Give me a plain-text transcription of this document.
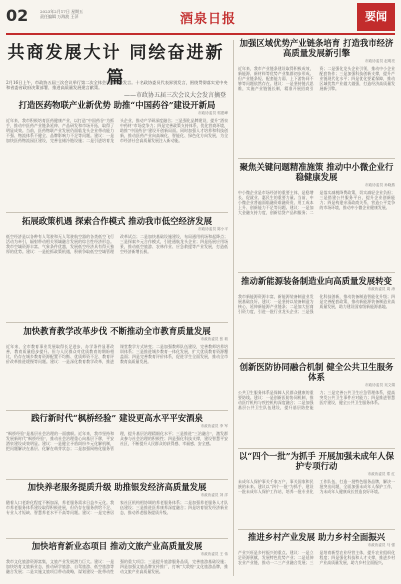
02	2023年2月17日 星期五
责任编辑 万海波 王萍	酒泉日报	要闻
共商发展大计 同绘奋进新篇
——市政协五届三次会议大会发言摘登
2月16日上午，市政协五届三次会议举行第二次全体会议暨大会发言。十名政协委员代表界别发言，围绕贯彻落实党中央和省委省政府决策部署、推进高质量发展建言献策。
打造医药物联产业新优势 助推“中国药谷”建设开新局
市政协委员 郭建峰
近年来，我市积极培育医药健康产业，以打造“中国药谷”为抓手，推动中医药产业链条延伸、产品研发和市场开拓，取得了明显成效。当前，医药物联产业发展仍面临龙头企业带动能力不强、物流体系不健全、品牌影响力不足等问题。建议：一是加快医药物流园区建设，完善仓储冷链设施；二是引进培育龙头企业，推动产学研深度融合；三是强化品牌建设，提升“酒泉中药材”市场竞争力；四是完善政策支持体系，优化营商环境，助推“中国药谷”建设开创新局面。同时加强人才培养和科技创新，推动医药产业向高端化、智能化、绿色化方向发展，为全市经济社会高质量发展注入新动能。
拓展政策机遇 探索合作模式 推动我市低空经济发展
市政协委员 陈小平
低空经济是以各种有人驾驶和无人驾驶航空器的各类低空飞行活动为牵引，辐射带动相关领域融合发展的综合性经济形态。我市空域资源丰富、气象条件优越，发展低空经济具有得天独厚的优势。建议：一是抢抓政策机遇，积极争取低空空域管理改革试点；二是加快基础设施建设，布局通用机场和起降点；三是探索多元合作模式，引进通航龙头企业；四是拓展应用场景，推动低空旅游、农林作业、应急救援等产业发展，打造低空经济新增长极。
加快教育教学改革步伐 不断推动全市教育质量发展
市政协委员 张 莉
近年来，全市教育事业发展取得长足进步，办学条件显著改善，教育质量稳步提升。但与人民群众对优质教育的期盼相比，仍存在城乡教育资源配置不均衡、优质师资不足、教育评价改革推进缓慢等问题。建议：一是深化教育教学改革，推进课堂教学方式转变；二是加强教师队伍建设，完善教师培养培训体系；三是推进城乡教育一体化发展，扩大优质教育资源覆盖面；四是完善教育评价体系，促进学生全面发展，推动全市教育高质量发展。
践行新时代“枫桥经验” 建设更高水平平安酒泉
市政协委员 李 军
“枫桥经验”是基层社会治理的一面旗帜。近年来，我市坚持和发展新时代“枫桥经验”，推动社会治理重心向基层下移，平安酒泉建设成效明显。建议：一是健全矛盾纠纷多元化解机制，把问题解决在基层、化解在萌芽状态；二是加强网格化服务管理，提升基层治理精细化水平；三是推进“三治融合”，激发群众参与社会治理的积极性；四是强化科技支撑，建设智慧平安社区，不断提升人民群众的获得感、幸福感、安全感。
加快养老服务提质升级 助推银发经济高质量发展
市政协委员 刘 洋
随着人口老龄化程度不断加深，养老服务需求日益多元化。我市养老服务体系建设取得积极进展，但仍存在服务供给不足、专业人才短缺、智慧养老水平不高等问题。建议：一是完善居家社区机构相协调的养老服务体系；二是加强养老服务人才队伍建设；三是推进医养康养深度融合；四是培育银发经济新业态，推动养老服务提质升级。
加快培育新业态项目 推动文旅产业高质量发展
市政协委员 王 伟
我市文化旅游资源富集，文旅产业发展潜力巨大。建议：一是加快培育文旅新业态，推动研学旅游、自驾旅游、低空旅游等融合发展；二是实施文旅项目带动战略，谋划建设一批带动性强的重大项目；三是提升旅游服务品质，完善旅游基础设施；四是加强文旅品牌宣传推广，打响“大敦煌”文化旅游品牌，推动文旅产业高质量发展。
加强区域优势产业链条培育 打造我市经济高质量发展新引擎
市政协委员 赵明亮
近年来，我市产业链条建设取得积极成效，新能源、新材料等优势产业集群初步形成。但产业链条短、配套能力弱、上下游协同不够等问题依然存在。建议：一是坚持链式思维，实施产业链链长制，精准开展招商引资；二是强化龙头企业引领，推动中小企业配套协作；三是加强科技创新支撑，提升产业链现代化水平；四是优化要素保障，推动区域优势产业做大做强，打造经济高质量发展新引擎。
聚焦关键问题精准施策 推动中小微企业行稳健康发展
市政协委员 孙晓燕
中小微企业是市场经济的重要主体，是稳增长、促就业、惠民生的重要力量。当前，中小微企业普遍面临融资难融资贵、用工成本上升、创新能力不足等问题。建议：一是加大金融支持力度，创新信贷产品和服务；二是落实减税降费政策，切实减轻企业负担；三是搭建公共服务平台，提升企业创新能力；四是构建亲清政商关系，营造公平竞争的市场环境，推动中小微企业健康发展。
推动新能源装备制造业向高质量发展转变
市政协委员 周 涛
我市新能源资源丰富，新能源装备制造业发展基础良好。建议：一是坚持以装备制造为核心，延伸新能源产业链条；二是加大招商引资力度，引进一批行业龙头企业；三是强化科技创新，推动装备制造智能化升级；四是完善配套政策，推动新能源装备制造业高质量发展，助力建设国家级新能源基地。
创新医防协同融合机制 健全公共卫生服务体系
市政协委员 吴文娟
公共卫生服务体系是保障人民群众健康的重要防线。建议：一是创新医防协同机制，推动医疗机构与疾控机构深度融合；二是加强基层公共卫生队伍建设，提升基层防控能力；三是完善公共卫生应急管理体系，提高突发公共卫生事件应对能力；四是推进智慧医疗建设，健全公共卫生服务体系。
以“四个一批”为抓手 开展加强未成年人保护专项行动
市政协委员 郑 红
未成年人保护事关千家万户，事关国家和民族的未来。建议以“四个一批”为抓手，建设一批未成年人保护工作站，培养一批专业化工作队伍，打造一批特色服务品牌，解决一批突出问题，全面加强未成年人保护工作，为未成年人健康成长营造良好环境。
推进乡村产业发展 助力乡村全面振兴
市政协委员 马 强
产业兴旺是乡村振兴的重点。建议：一是立足资源禀赋，发展特色优势产业；二是延伸农业产业链，推动一二三产业融合发展；三是培育新型农业经营主体，提升农业组织化程度；四是强化科技和人才支撑，推进乡村产业高质量发展，助力乡村全面振兴。
